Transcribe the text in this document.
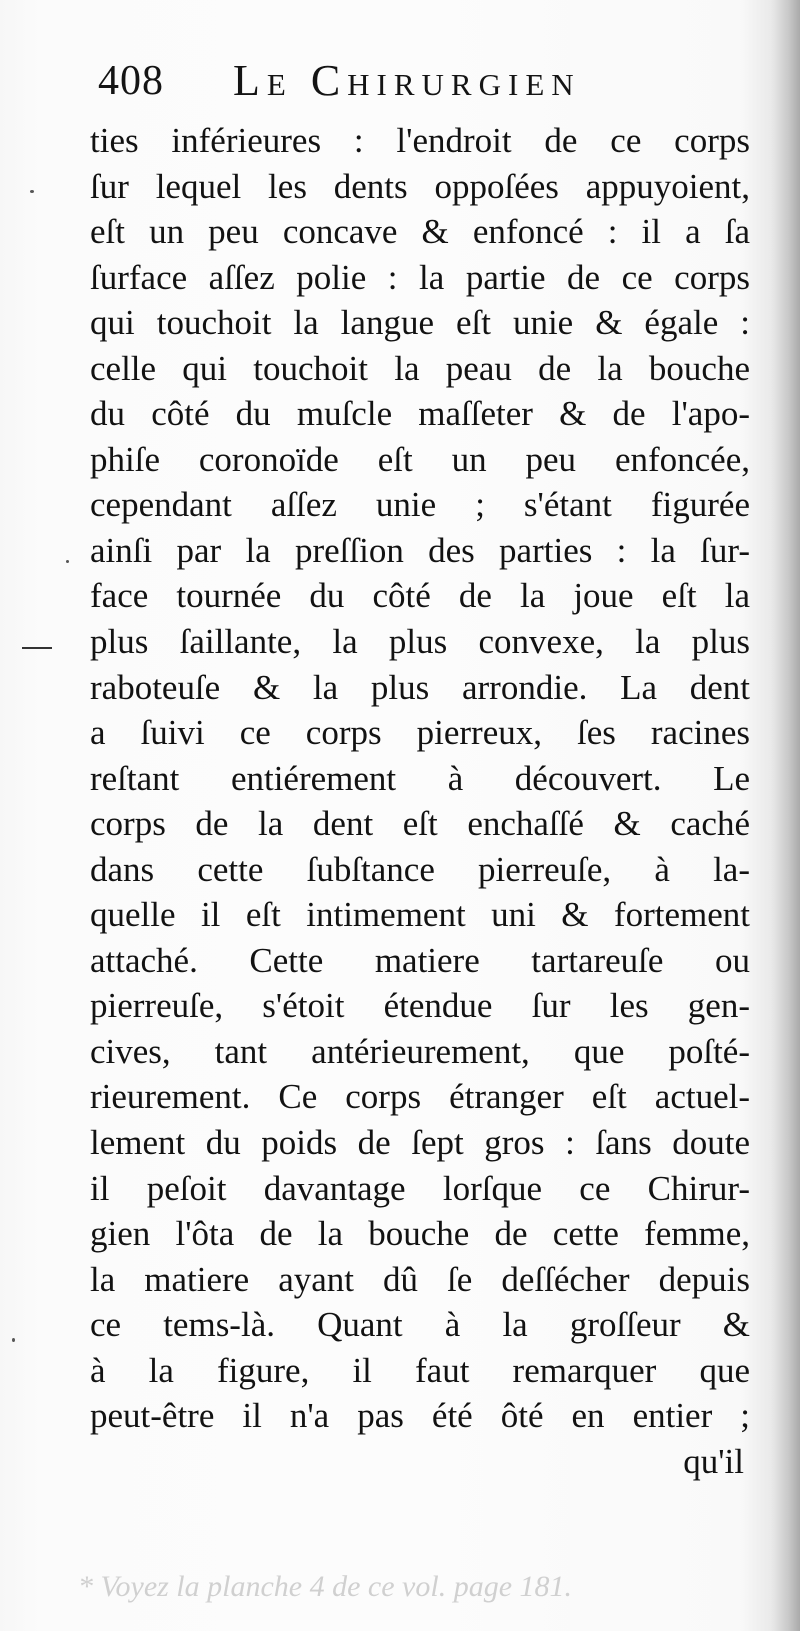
408 Le Chirurgien
ties inférieures : l'endroit de ce corps
ſur lequel les dents oppoſées appuyoient,
eſt un peu concave & enfoncé : il a ſa
ſurface aſſez polie : la partie de ce corps
qui touchoit la langue eſt unie & égale :
celle qui touchoit la peau de la bouche
du côté du muſcle maſſeter & de l'apo-
phiſe coronoïde eſt un peu enfoncée,
cependant aſſez unie ; s'étant figurée
ainſi par la preſſion des parties : la ſur-
face tournée du côté de la joue eſt la
plus ſaillante, la plus convexe, la plus
raboteuſe & la plus arrondie. La dent
a ſuivi ce corps pierreux, ſes racines
reſtant entiérement à découvert. Le
corps de la dent eſt enchaſſé & caché
dans cette ſubſtance pierreuſe, à la-
quelle il eſt intimement uni & fortement
attaché. Cette matiere tartareuſe ou
pierreuſe, s'étoit étendue ſur les gen-
cives, tant antérieurement, que poſté-
rieurement. Ce corps étranger eſt actuel-
lement du poids de ſept gros : ſans doute
il peſoit davantage lorſque ce Chirur-
gien l'ôta de la bouche de cette femme,
la matiere ayant dû ſe deſſécher depuis
ce tems-là. Quant à la groſſeur &
à la figure, il faut remarquer que
peut-être il n'a pas été ôté en entier ;
qu'il
* Voyez la planche 4 de ce vol. page 181.
